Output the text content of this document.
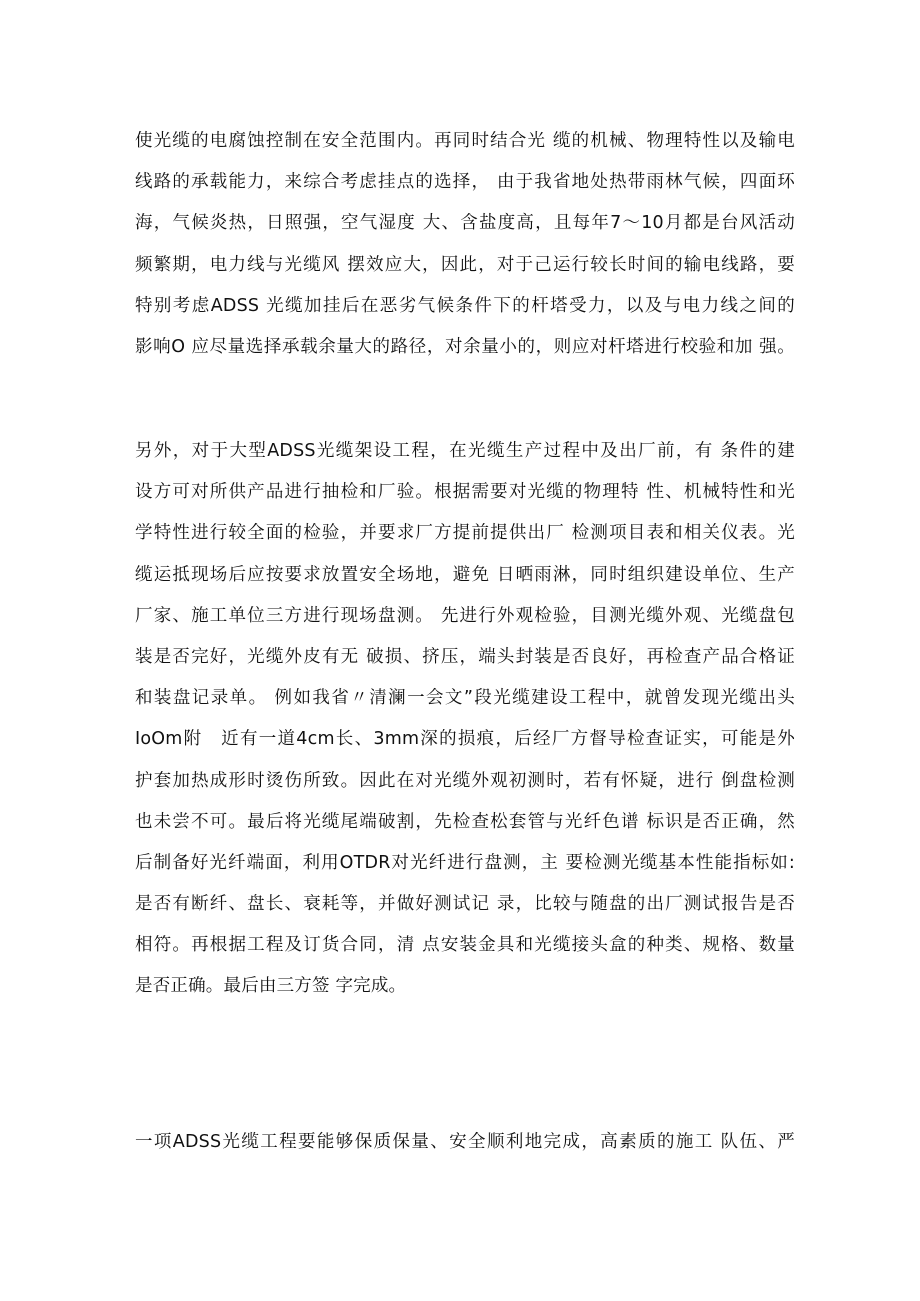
使光缆的电腐蚀控制在安全范围内。再同时结合光 缆的机械、物理特性以及输电
线路的承载能力，来综合考虑挂点的选择， 由于我省地处热带雨林气候，四面环
海，气候炎热，日照强，空气湿度 大、含盐度高，且每年7～10月都是台风活动
频繁期，电力线与光缆风 摆效应大，因此，对于己运行较长时间的输电线路，要
特别考虑ADSS 光缆加挂后在恶劣气候条件下的杆塔受力，以及与电力线之间的
影响O 应尽量选择承载余量大的路径，对余量小的，则应对杆塔进行校验和加 强。
另外，对于大型ADSS光缆架设工程，在光缆生产过程中及出厂前，有 条件的建
设方可对所供产品进行抽检和厂验。根据需要对光缆的物理特 性、机械特性和光
学特性进行较全面的检验，并要求厂方提前提供出厂 检测项目表和相关仪表。光
缆运抵现场后应按要求放置安全场地，避免 日晒雨淋，同时组织建设单位、生产
厂家、施工单位三方进行现场盘测。 先进行外观检验，目测光缆外观、光缆盘包
装是否完好，光缆外皮有无 破损、挤压，端头封装是否良好，再检查产品合格证
和装盘记录单。 例如我省〃清澜一会文”段光缆建设工程中，就曾发现光缆出头
IoOm附　近有一道4cm长、3mm深的损痕，后经厂方督导检查证实，可能是外
护套加热成形时烫伤所致。因此在对光缆外观初测时，若有怀疑，进行 倒盘检测
也未尝不可。最后将光缆尾端破割，先检查松套管与光纤色谱 标识是否正确，然
后制备好光纤端面，利用OTDR对光纤进行盘测，主 要检测光缆基本性能指标如:
是否有断纤、盘长、衰耗等，并做好测试记 录，比较与随盘的出厂测试报告是否
相符。再根据工程及订货合同，清 点安装金具和光缆接头盒的种类、规格、数量
是否正确。最后由三方签 字完成。
一项ADSS光缆工程要能够保质保量、安全顺利地完成，高素质的施工 队伍、严
